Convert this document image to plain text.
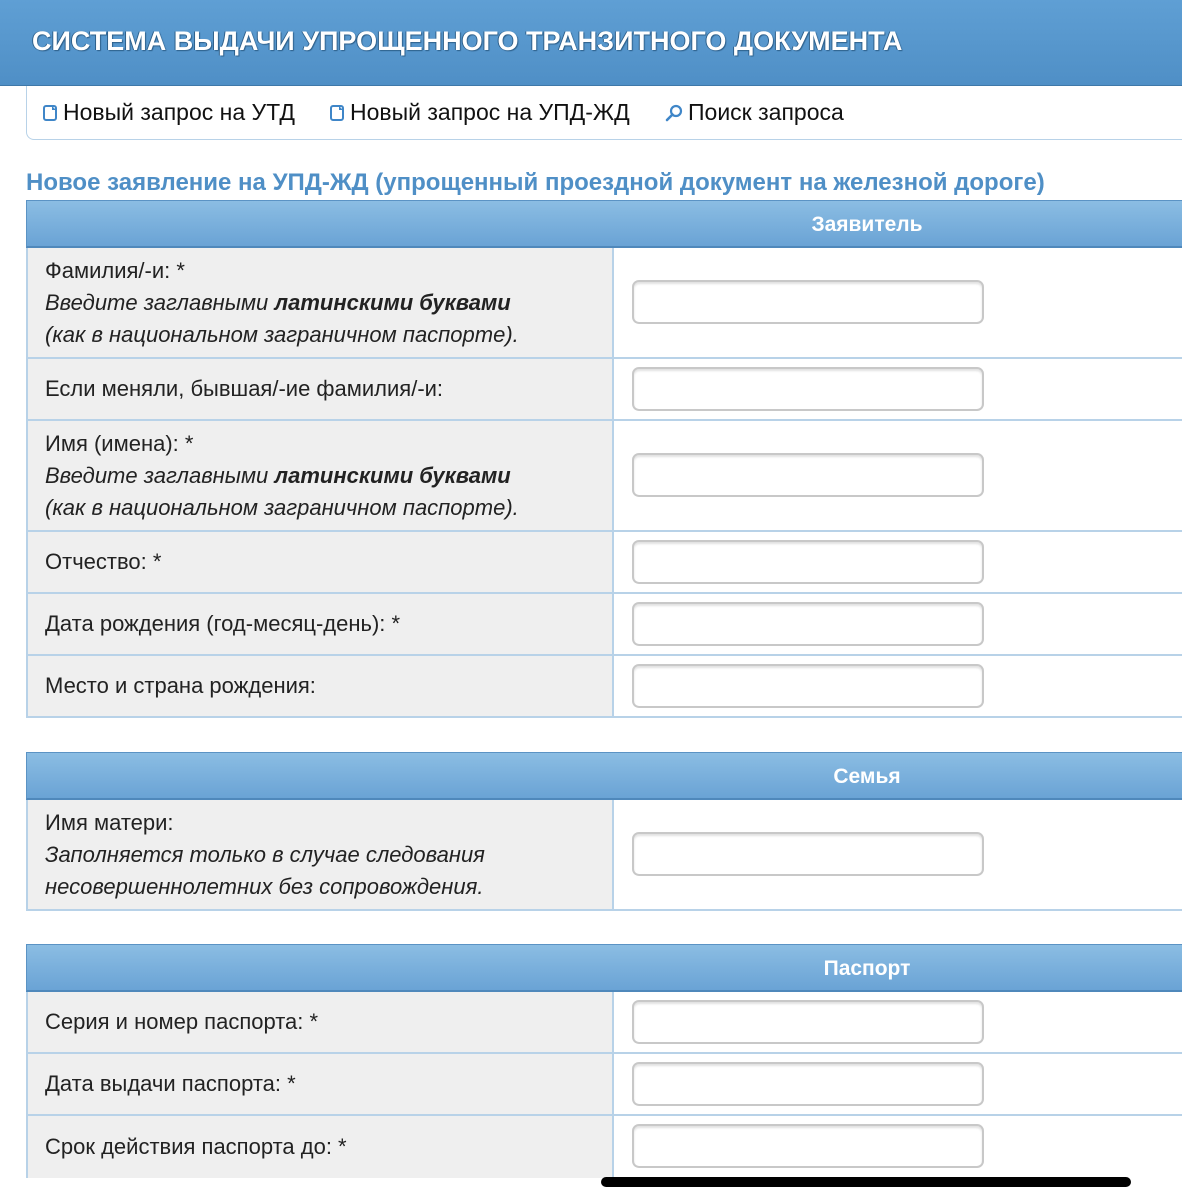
СИСТЕМА ВЫДАЧИ УПРОЩЕННОГО ТРАНЗИТНОГО ДОКУМЕНТА
Новый запрос на УТД Новый запрос на УПД-ЖД	Поиск запроса
Новое заявление на УПД-ЖД (упрощенный проездной документ на железной дороге)
Заявитель
Фамилия/-и: *
Введите заглавными латинскими буквами
(как в национальном заграничном паспорте).
Если меняли, бывшая/-ие фамилия/-и:
Имя (имена): *
Введите заглавными латинскими буквами
(как в национальном заграничном паспорте).
Отчество: *
Дата рождения (год-месяц-день): *
Место и страна рождения:
Семья
Имя матери:
Заполняется только в случае следования
несовершеннолетних без сопровождения.
Паспорт
Серия и номер паспорта: *
Дата выдачи паспорта: *
Срок действия паспорта до: *
